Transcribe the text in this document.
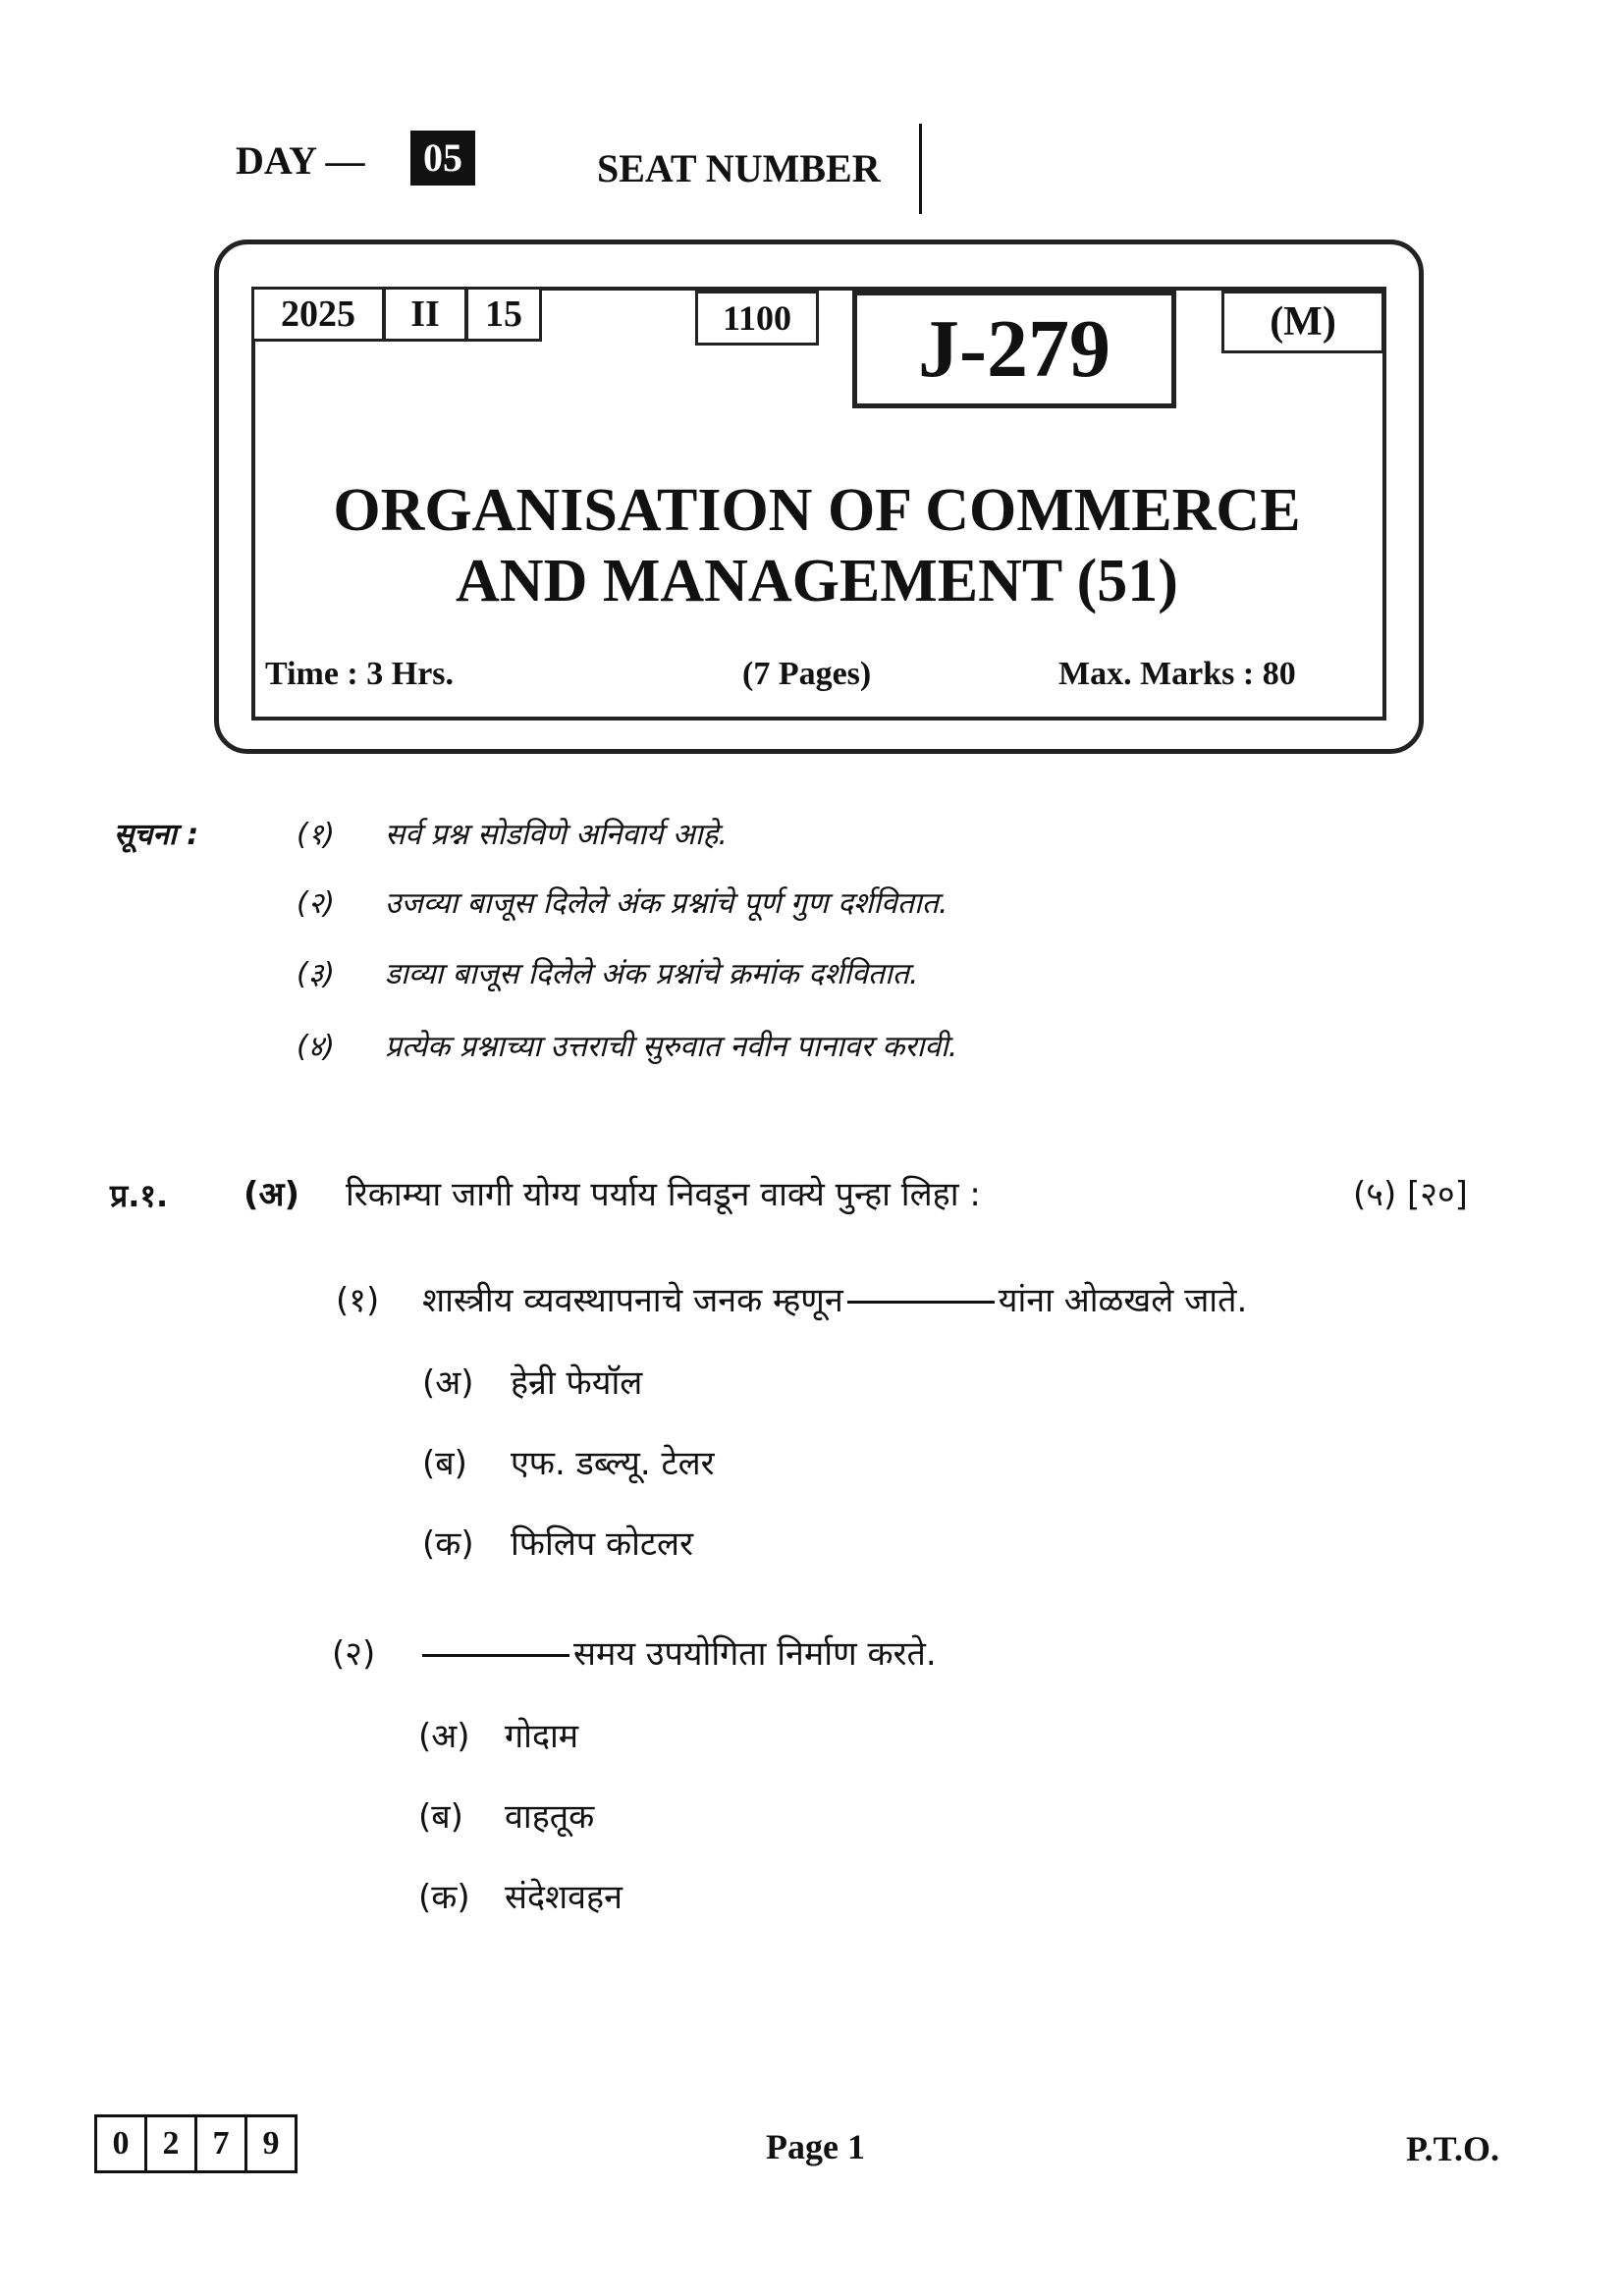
DAY —	05	SEAT NUMBER
2025	II	15	1100	J-279	(M)
ORGANISATION OF COMMERCE
AND MANAGEMENT (51)
Time : 3 Hrs.	(7 Pages)	Max. Marks : 80
सूचना :	(१) सर्व प्रश्न सोडविणे अनिवार्य आहे.
(२) उजव्या बाजूस दिलेले अंक प्रश्नांचे पूर्ण गुण दर्शवितात.
(३) डाव्या बाजूस दिलेले अंक प्रश्नांचे क्रमांक दर्शवितात.
(४) प्रत्येक प्रश्नाच्या उत्तराची सुरुवात नवीन पानावर करावी.
प्र.१. (अ) रिकाम्या जागी योग्य पर्याय निवडून वाक्ये पुन्हा लिहा :	(५) [२०]
(१) शास्त्रीय व्यवस्थापनाचे जनक म्हणून	यांना ओळखले जाते.
(अ) हेन्री फेयॉल
(ब) एफ. डब्ल्यू. टेलर
(क) फिलिप कोटलर
(२)	समय उपयोगिता निर्माण करते.
(अ) गोदाम
(ब) वाहतूक
(क) संदेशवहन
0	2	7	9	Page 1	P.T.O.
